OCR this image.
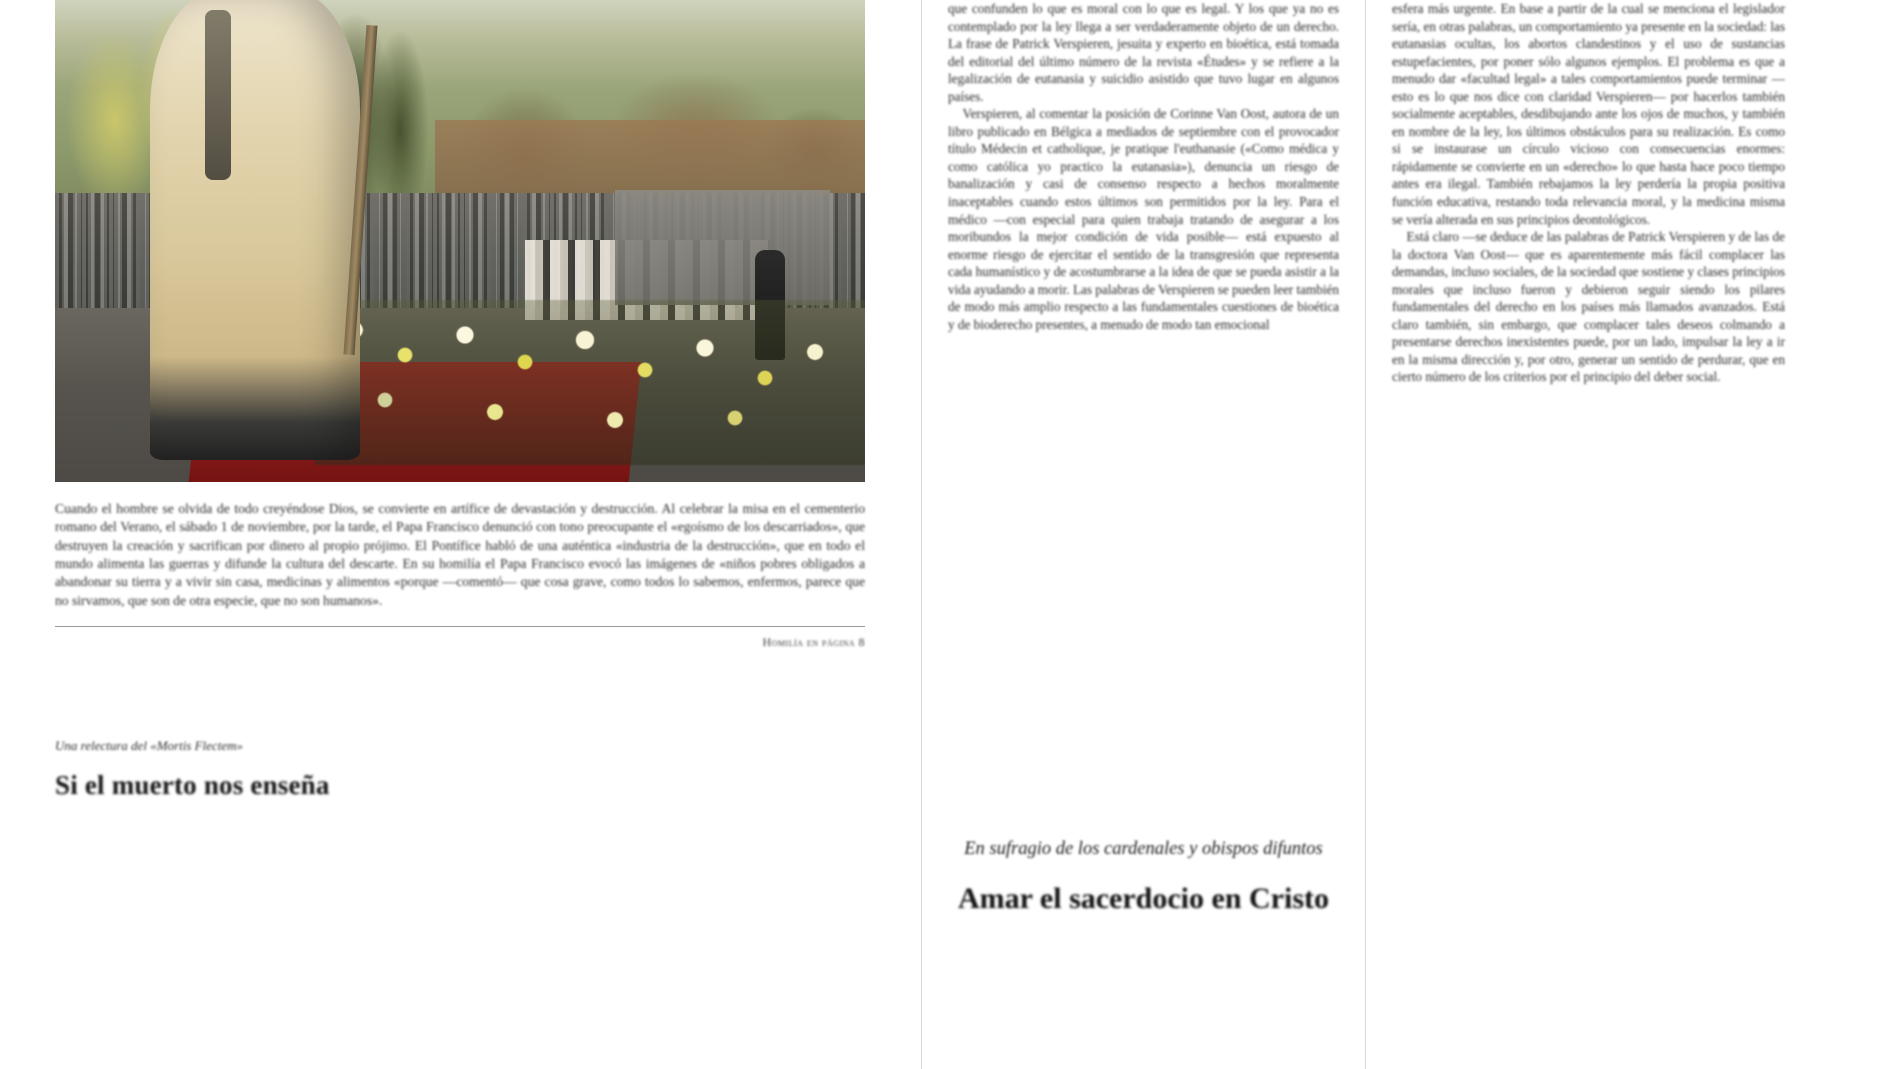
Cuando el hombre se olvida de todo creyéndose Dios, se convierte en artífice de devastación y destrucción. Al celebrar la misa en el cementerio romano del Verano, el sábado 1 de noviembre, por la tarde, el Papa Francisco denunció con tono preocupante el «egoísmo de los descarriados», que destruyen la creación y sacrifican por dinero al propio prójimo. El Pontífice habló de una auténtica «industria de la destrucción», que en todo el mundo alimenta las guerras y difunde la cultura del descarte. En su homilía el Papa Francisco evocó las imágenes de «niños pobres obligados a abandonar su tierra y a vivir sin casa, medicinas y alimentos «porque —comentó— que cosa grave, como todos lo sabemos, enfermos, parece que no sirvamos, que son de otra especie, que no son humanos».
Homilía en página 8
Una relectura del «Mortis Flectem»
Si el muerto nos enseña

que confunden lo que es moral con lo que es legal. Y los que ya no es contemplado por la ley llega a ser verdaderamente objeto de un derecho. La frase de Patrick Verspieren, jesuita y experto en bioética, está tomada del editorial del último número de la revista «Études» y se refiere a la legalización de eutanasia y suicidio asistido que tuvo lugar en algunos países.

Verspieren, al comentar la posición de Corinne Van Oost, autora de un libro publicado en Bélgica a mediados de septiembre con el provocador título Médecin et catholique, je pratique l'euthanasie («Como médica y como católica yo practico la eutanasia»), denuncia un riesgo de banalización y casi de consenso respecto a hechos moralmente inaceptables cuando estos últimos son permitidos por la ley. Para el médico —con especial para quien trabaja tratando de asegurar a los moribundos la mejor condición de vida posible— está expuesto al enorme riesgo de ejercitar el sentido de la transgresión que representa cada humanístico y de acostumbrarse a la idea de que se pueda asistir a la vida ayudando a morir. Las palabras de Verspieren se pueden leer también de modo más amplio respecto a las fundamentales cuestiones de bioética y de bioderecho presentes, a menudo de modo tan emocional

En sufragio de los cardenales y obispos difuntos
Amar el sacerdocio en Cristo

esfera más urgente. En base a partir de la cual se menciona el legislador sería, en otras palabras, un comportamiento ya presente en la sociedad: las eutanasias ocultas, los abortos clandestinos y el uso de sustancias estupefacientes, por poner sólo algunos ejemplos. El problema es que a menudo dar «facultad legal» a tales comportamientos puede terminar —esto es lo que nos dice con claridad Verspieren— por hacerlos también socialmente aceptables, desdibujando ante los ojos de muchos, y también en nombre de la ley, los últimos obstáculos para su realización. Es como si se instaurase un círculo vicioso con consecuencias enormes: rápidamente se convierte en un «derecho» lo que hasta hace poco tiempo antes era ilegal. También rebajamos la ley perdería la propia positiva función educativa, restando toda relevancia moral, y la medicina misma se vería alterada en sus principios deontológicos.

Está claro —se deduce de las palabras de Patrick Verspieren y de las de la doctora Van Oost— que es aparentemente más fácil complacer las demandas, incluso sociales, de la sociedad que sostiene y clases principios morales que incluso fueron y debieron seguir siendo los pilares fundamentales del derecho en los países más llamados avanzados. Está claro también, sin embargo, que complacer tales deseos colmando a presentarse derechos inexistentes puede, por un lado, impulsar la ley a ir en la misma dirección y, por otro, generar un sentido de perdurar, que en cierto número de los criterios por el principio del deber social.
